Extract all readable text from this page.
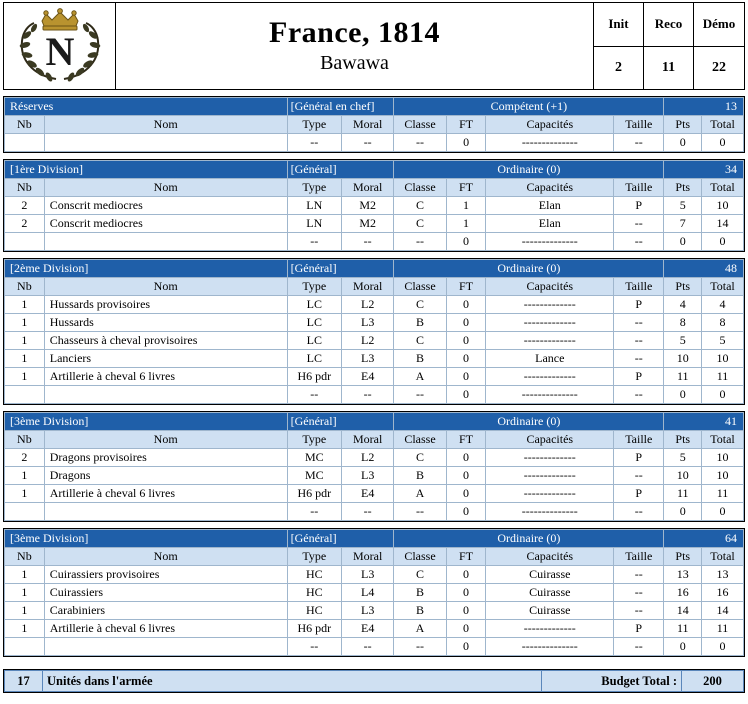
N	France, 1814
Bawawa
Init	Reco	Démo
2	11	22
Réserves		[Général en chef]		Compétent (+1)				13	
Nb	Nom	Type	Moral	Classe	FT	Capacités	Taille	Pts	Total
		--	--	--	0	--------------	--	0	0
[1ère Division]		[Général]		Ordinaire (0)				34	
Nb	Nom	Type	Moral	Classe	FT	Capacités	Taille	Pts	Total
2	Conscrit mediocres	LN	M2	C	1	Elan	P	5	10
2	Conscrit mediocres	LN	M2	C	1	Elan	--	7	14
		--	--	--	0	--------------	--	0	0
[2ème Division]		[Général]		Ordinaire (0)				48	
Nb	Nom	Type	Moral	Classe	FT	Capacités	Taille	Pts	Total
1	Hussards provisoires	LC	L2	C	0	-------------	P	4	4
1	Hussards	LC	L3	B	0	-------------	--	8	8
1	Chasseurs à cheval provisoires	LC	L2	C	0	-------------	--	5	5
1	Lanciers	LC	L3	B	0	Lance	--	10	10
1	Artillerie à cheval 6 livres	H6 pdr	E4	A	0	-------------	P	11	11
		--	--	--	0	--------------	--	0	0
[3ème Division]		[Général]		Ordinaire (0)				41	
Nb	Nom	Type	Moral	Classe	FT	Capacités	Taille	Pts	Total
2	Dragons provisoires	MC	L2	C	0	-------------	P	5	10
1	Dragons	MC	L3	B	0	-------------	--	10	10
1	Artillerie à cheval 6 livres	H6 pdr	E4	A	0	-------------	P	11	11
		--	--	--	0	--------------	--	0	0
[3ème Division]		[Général]		Ordinaire (0)				64	
Nb	Nom	Type	Moral	Classe	FT	Capacités	Taille	Pts	Total
1	Cuirassiers provisoires	HC	L3	C	0	Cuirasse	--	13	13
1	Cuirassiers	HC	L4	B	0	Cuirasse	--	16	16
1	Carabiniers	HC	L3	B	0	Cuirasse	--	14	14
1	Artillerie à cheval 6 livres	H6 pdr	E4	A	0	-------------	P	11	11
		--	--	--	0	--------------	--	0	0
17	Unités dans l'armée	Budget Total :	200
